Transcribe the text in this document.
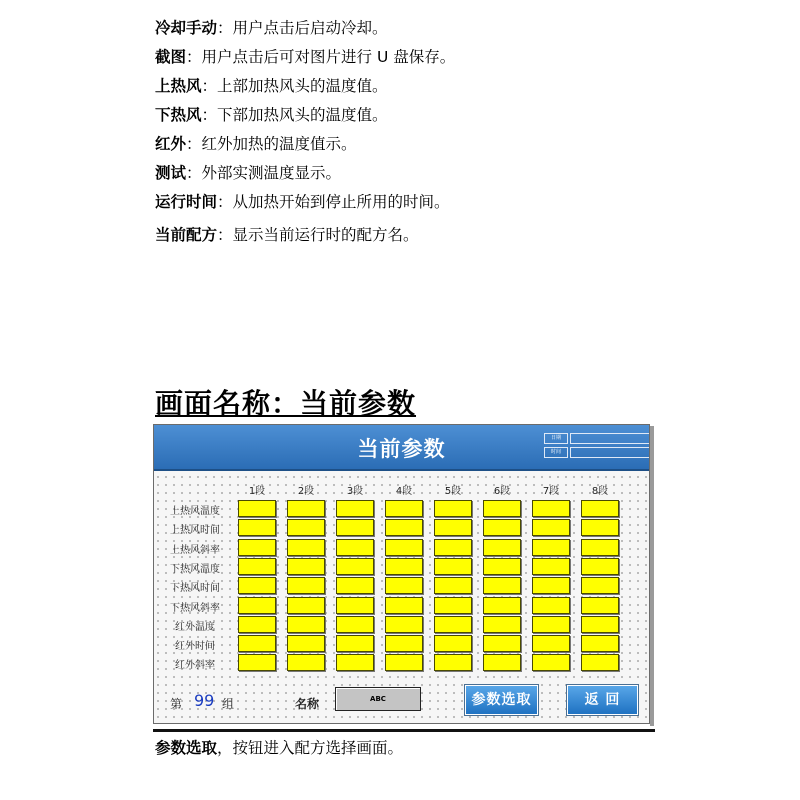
冷却手动：用户点击后启动冷却。
截图：用户点击后可对图片进行 U 盘保存。
上热风：上部加热风头的温度值。
下热风：下部加热风头的温度值。
红外：红外加热的温度值示。
测试：外部实测温度显示。
运行时间：从加热开始到停止所用的时间。
当前配方：显示当前运行时的配方名。
画面名称：当前参数
当前参数	日期
时间
1段	2段	3段	4段	5段	6段	7段	8段
上热风温度
上热风时间
上热风斜率
下热风温度
下热风时间
下热风斜率
红外温度
红外时间
红外斜率
第 99 组	名称	ABC	参数选取	返 回
参数选取，按钮进入配方选择画面。
